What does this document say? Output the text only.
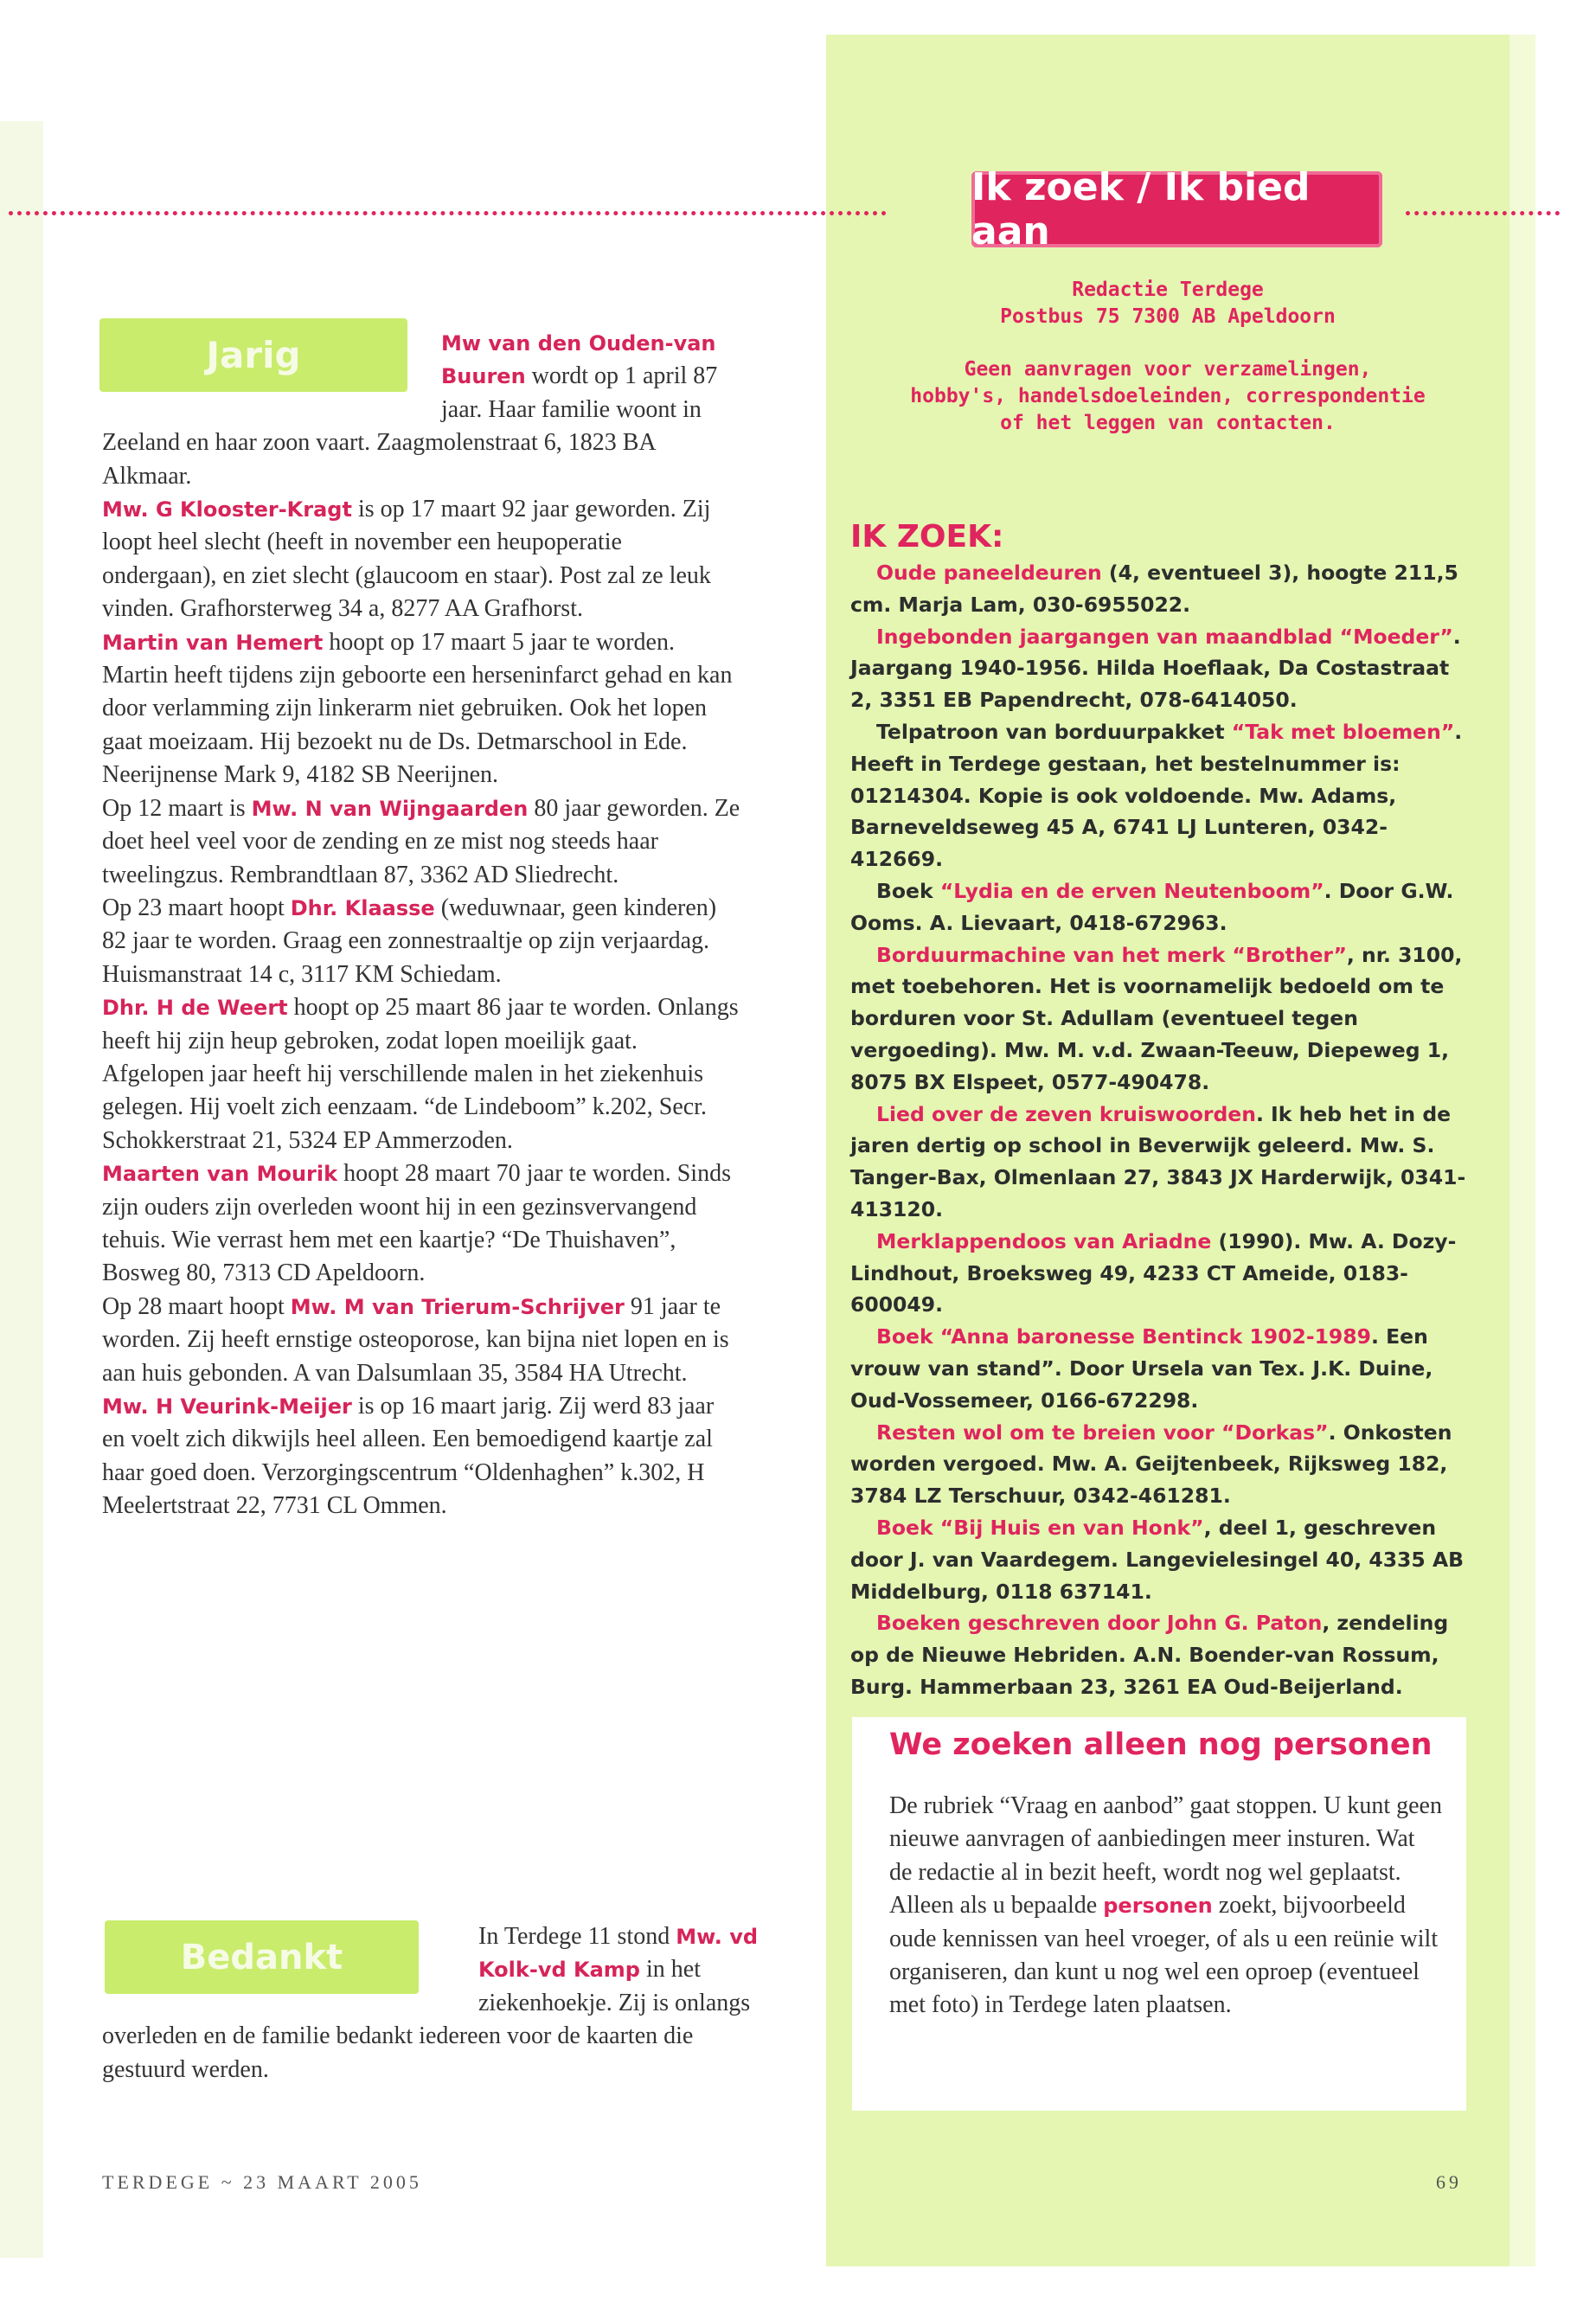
Ik zoek / Ik bied aan
Redactie Terdege
Postbus 75 7300 AB Apeldoorn
Geen aanvragen voor verzamelingen,
hobby's, handelsdoeleinden, correspondentie
of het leggen van contacten.
Jarig	Mw van den Ouden-van Buuren wordt op 1 april 87 jaar. Haar familie woont in Zeeland en haar zoon vaart. Zaagmolenstraat 6, 1823 BA Alkmaar.

Mw. G Klooster-Kragt is op 17 maart 92 jaar geworden. Zij loopt heel slecht (heeft in november een heupoperatie ondergaan), en ziet slecht (glaucoom en staar). Post zal ze leuk vinden. Grafhorsterweg 34 a, 8277 AA Grafhorst.

Martin van Hemert hoopt op 17 maart 5 jaar te worden. Martin heeft tijdens zijn geboorte een herseninfarct gehad en kan door verlamming zijn linkerarm niet gebruiken. Ook het lopen gaat moeizaam. Hij bezoekt nu de Ds. Detmarschool in Ede. Neerijnense Mark 9, 4182 SB Neerijnen.

Op 12 maart is Mw. N van Wijngaarden 80 jaar geworden. Ze doet heel veel voor de zending en ze mist nog steeds haar tweelingzus. Rembrandtlaan 87, 3362 AD Sliedrecht.

Op 23 maart hoopt Dhr. Klaasse (weduwnaar, geen kinderen) 82 jaar te worden. Graag een zonnestraaltje op zijn verjaardag. Huismanstraat 14 c, 3117 KM Schiedam.

Dhr. H de Weert hoopt op 25 maart 86 jaar te worden. Onlangs heeft hij zijn heup gebroken, zodat lopen moeilijk gaat. Afgelopen jaar heeft hij verschillende malen in het ziekenhuis gelegen. Hij voelt zich eenzaam. “de Lindeboom” k.202, Secr. Schokkerstraat 21, 5324 EP Ammerzoden.

Maarten van Mourik hoopt 28 maart 70 jaar te worden. Sinds zijn ouders zijn overleden woont hij in een gezinsvervangend tehuis. Wie verrast hem met een kaartje? “De Thuishaven”, Bosweg 80, 7313 CD Apeldoorn.

Op 28 maart hoopt Mw. M van Trierum-Schrijver 91 jaar te worden. Zij heeft ernstige osteoporose, kan bijna niet lopen en is aan huis gebonden. A van Dalsumlaan 35, 3584 HA Utrecht.

Mw. H Veurink-Meijer is op 16 maart jarig. Zij werd 83 jaar en voelt zich dikwijls heel alleen. Een bemoedigend kaartje zal haar goed doen. Verzorgingscentrum “Oldenhaghen” k.302, H Meelertstraat 22, 7731 CL Ommen.

Bedankt
In Terdege 11 stond Mw. vd Kolk-vd Kamp in het ziekenhoekje. Zij is onlangs overleden en de familie bedankt iedereen voor de kaarten die gestuurd werden.
IK ZOEK:

Oude paneeldeuren (4, eventueel 3), hoogte 211,5 cm. Marja Lam, 030-6955022.

Ingebonden jaargangen van maandblad “Moeder”. Jaargang 1940-1956. Hilda Hoeflaak, Da Costastraat 2, 3351 EB Papendrecht, 078-6414050.

Telpatroon van borduurpakket “Tak met bloemen”. Heeft in Terdege gestaan, het bestelnummer is: 01214304. Kopie is ook voldoende. Mw. Adams, Barneveldseweg 45 A, 6741 LJ Lunteren, 0342-412669.

Boek “Lydia en de erven Neutenboom”. Door G.W. Ooms. A. Lievaart, 0418-672963.

Borduurmachine van het merk “Brother”, nr. 3100, met toebehoren. Het is voornamelijk bedoeld om te borduren voor St. Adullam (eventueel tegen vergoeding). Mw. M. v.d. Zwaan-Teeuw, Diepeweg 1, 8075 BX Elspeet, 0577-490478.

Lied over de zeven kruiswoorden. Ik heb het in de jaren dertig op school in Beverwijk geleerd. Mw. S. Tanger-Bax, Olmenlaan 27, 3843 JX Harderwijk, 0341-413120.

Merklappendoos van Ariadne (1990). Mw. A. Dozy-Lindhout, Broeksweg 49, 4233 CT Ameide, 0183-600049.

Boek “Anna baronesse Bentinck 1902-1989. Een vrouw van stand”. Door Ursela van Tex. J.K. Duine, Oud-Vossemeer, 0166-672298.

Resten wol om te breien voor “Dorkas”. Onkosten worden vergoed. Mw. A. Geijtenbeek, Rijksweg 182, 3784 LZ Terschuur, 0342-461281.

Boek “Bij Huis en van Honk”, deel 1, geschreven door J. van Vaardegem. Langevielesingel 40, 4335 AB Middelburg, 0118 637141.

Boeken geschreven door John G. Paton, zendeling op de Nieuwe Hebriden. A.N. Boender-van Rossum, Burg. Hammerbaan 23, 3261 EA Oud-Beijerland.

We zoeken alleen nog personen
De rubriek “Vraag en aanbod” gaat stoppen. U kunt geen nieuwe aanvragen of aanbiedingen meer insturen. Wat de redactie al in bezit heeft, wordt nog wel geplaatst. Alleen als u bepaalde personen zoekt, bijvoorbeeld oude kennissen van heel vroeger, of als u een reünie wilt organiseren, dan kunt u nog wel een oproep (eventueel met foto) in Terdege laten plaatsen.
TERDEGE ~ 23 MAART 2005	69
